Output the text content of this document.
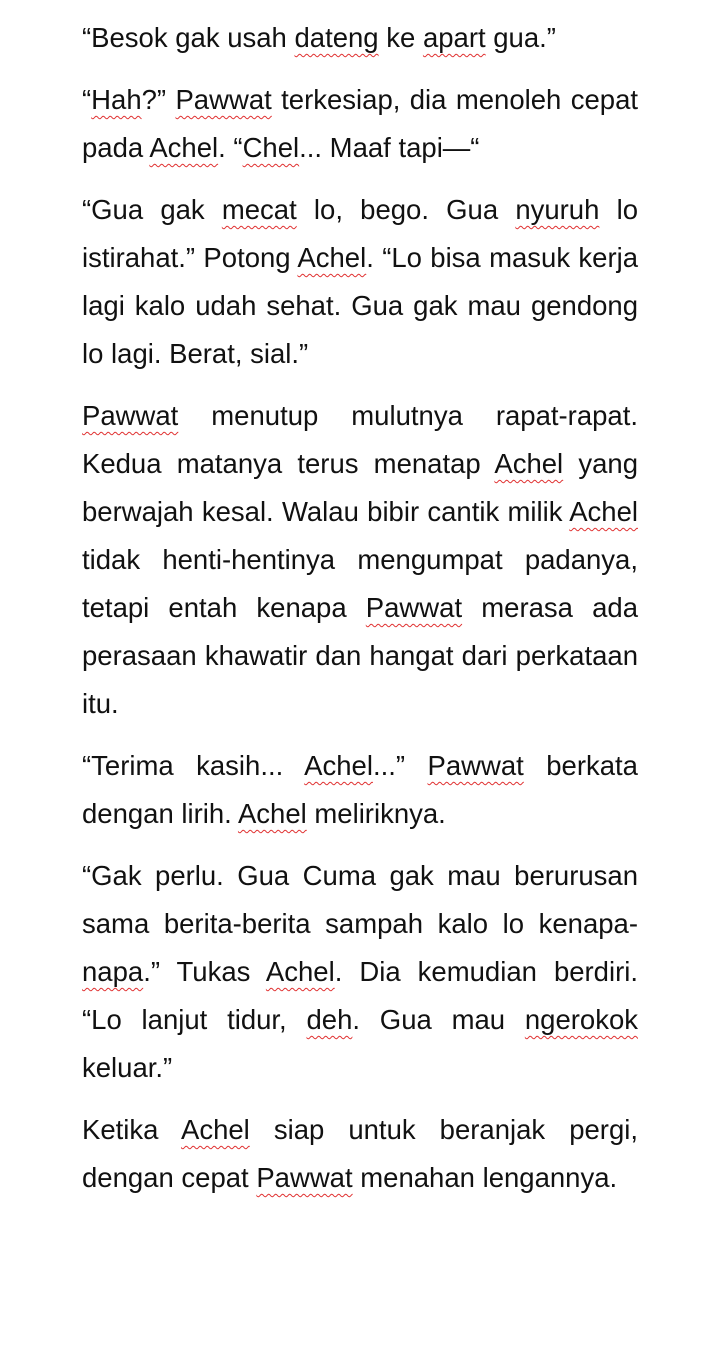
“Besok gak usah dateng ke apart gua.”

“Hah?” Pawwat terkesiap, dia menoleh cepat pada Achel. “Chel... Maaf tapi—“

“Gua gak mecat lo, bego. Gua nyuruh lo istirahat.” Potong Achel. “Lo bisa masuk kerja lagi kalo udah sehat. Gua gak mau gendong lo lagi. Berat, sial.”

Pawwat menutup mulutnya rapat-rapat. Kedua matanya terus menatap Achel yang berwajah kesal. Walau bibir cantik milik Achel tidak henti-hentinya mengumpat padanya, tetapi entah kenapa Pawwat merasa ada perasaan khawatir dan hangat dari perkataan itu.

“Terima kasih... Achel...” Pawwat berkata dengan lirih. Achel meliriknya.

“Gak perlu. Gua Cuma gak mau berurusan sama berita-berita sampah kalo lo kenapa-napa.” Tukas Achel. Dia kemudian berdiri. “Lo lanjut tidur, deh. Gua mau ngerokok keluar.”

Ketika Achel siap untuk beranjak pergi, dengan cepat Pawwat menahan lengannya.
